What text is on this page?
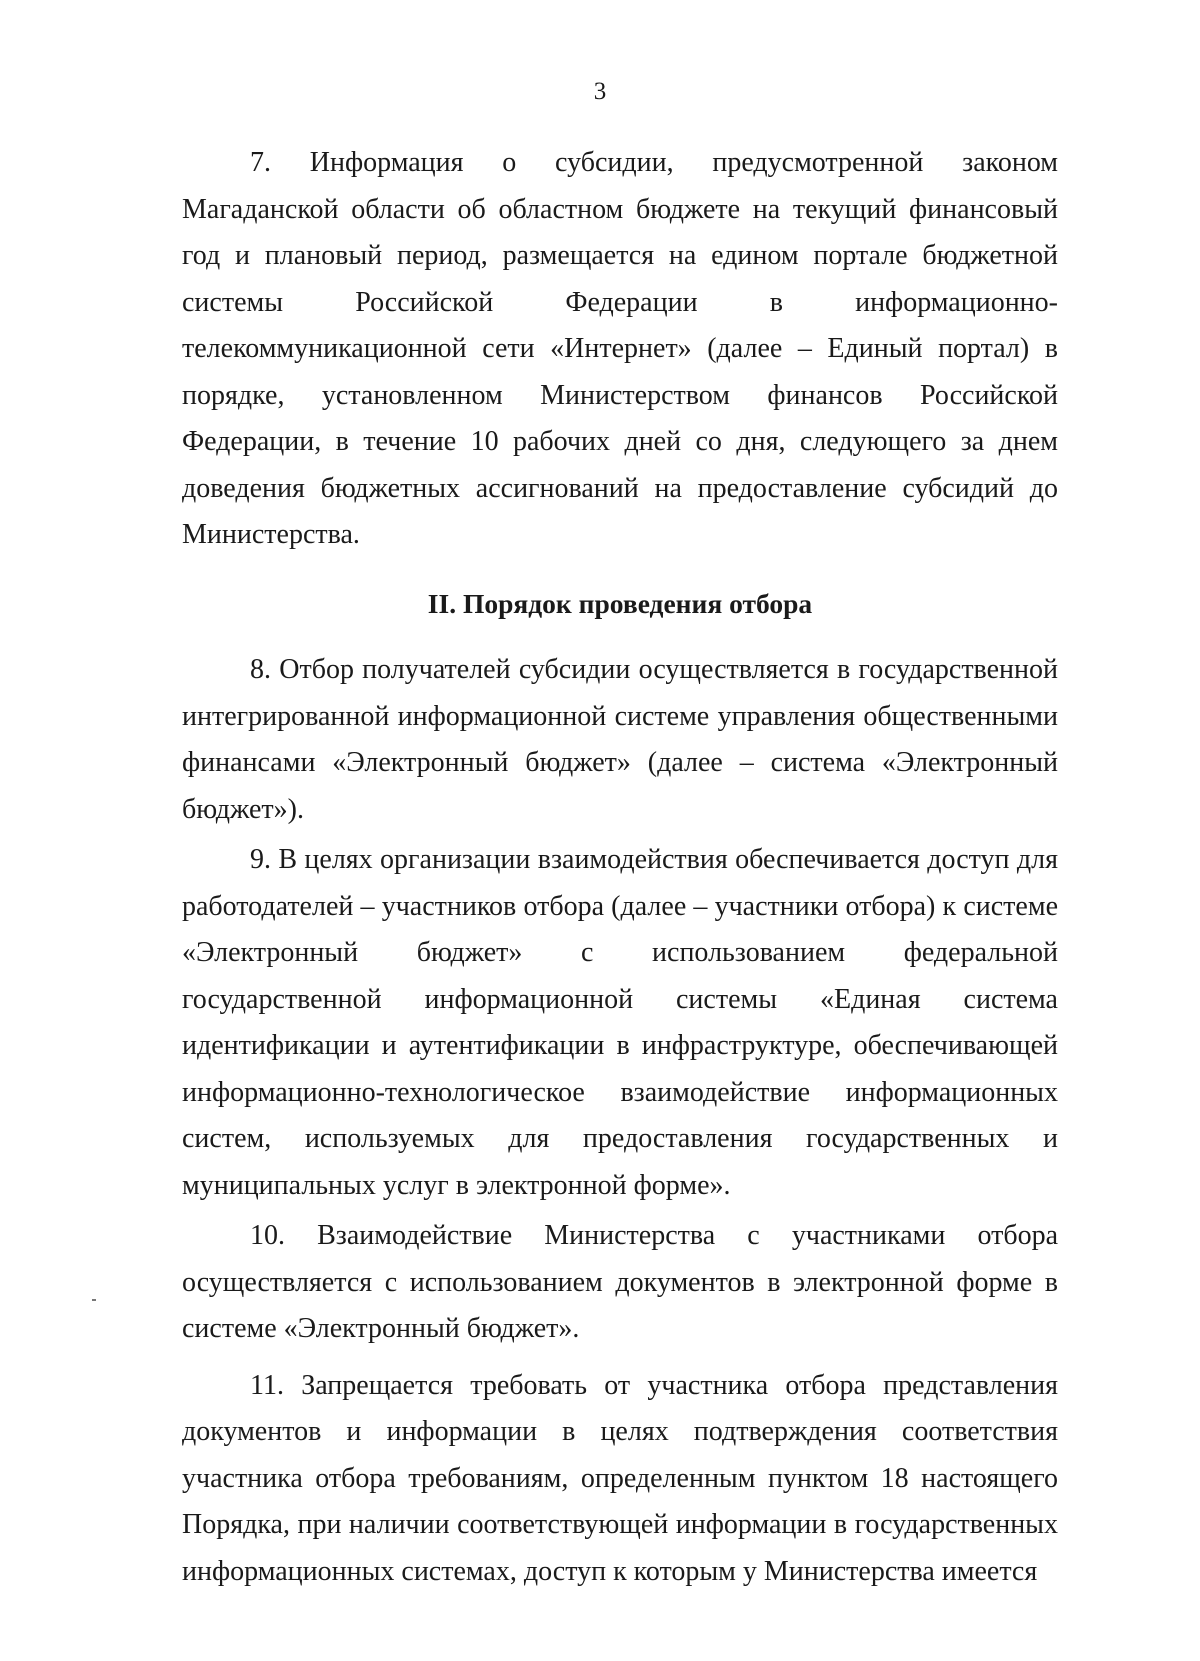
3

7. Информация о субсидии, предусмотренной законом Магаданской области об областном бюджете на текущий финансовый год и плановый период, размещается на едином портале бюджетной системы Российской Федерации в информационно-телекоммуникационной сети «Интернет» (далее – Единый портал) в порядке, установленном Министерством финансов Российской Федерации, в течение 10 рабочих дней со дня, следующего за днем доведения бюджетных ассигнований на предоставление субсидий до Министерства.

II. Порядок проведения отбора

8. Отбор получателей субсидии осуществляется в государственной интегрированной информационной системе управления общественными финансами «Электронный бюджет» (далее – система «Электронный бюджет»).

9. В целях организации взаимодействия обеспечивается доступ для работодателей – участников отбора (далее – участники отбора) к системе «Электронный бюджет» с использованием федеральной государственной информационной системы «Единая система идентификации и аутентификации в инфраструктуре, обеспечивающей информационно-технологическое взаимодействие информационных систем, используемых для предоставления государственных и муниципальных услуг в электронной форме».

10. Взаимодействие Министерства с участниками отбора осуществляется с использованием документов в электронной форме в системе «Электронный бюджет».

11. Запрещается требовать от участника отбора представления документов и информации в целях подтверждения соответствия участника отбора требованиям, определенным пунктом 18 настоящего Порядка, при наличии соответствующей информации в государственных информационных системах, доступ к которым у Министерства имеется
